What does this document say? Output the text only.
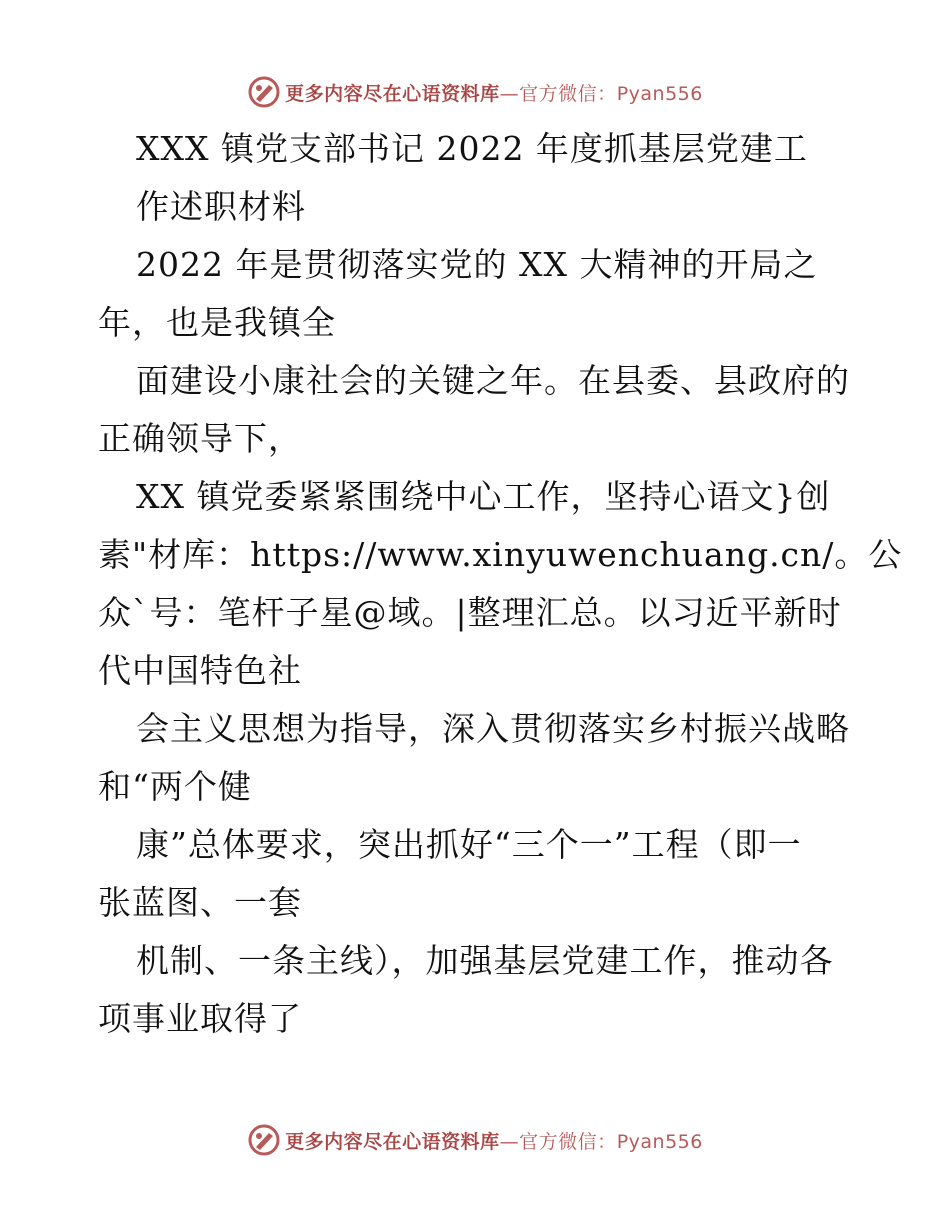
更多内容尽在心语资料库—官方微信：Pyan556
XXX 镇党支部书记 2022 年度抓基层党建工
作述职材料
2022 年是贯彻落实党的 XX 大精神的开局之
年，也是我镇全
面建设小康社会的关键之年。在县委、县政府的
正确领导下，
XX 镇党委紧紧围绕中心工作，坚持心语文}创
素"材库：https://www.xinyuwenchuang.cn/。公
众`号：笔杆子星@域。|整理汇总。以习近平新时
代中国特色社
会主义思想为指导，深入贯彻落实乡村振兴战略
和“两个健
康”总体要求，突出抓好“三个一”工程（即一
张蓝图、一套
机制、一条主线），加强基层党建工作，推动各
项事业取得了
更多内容尽在心语资料库—官方微信：Pyan556
